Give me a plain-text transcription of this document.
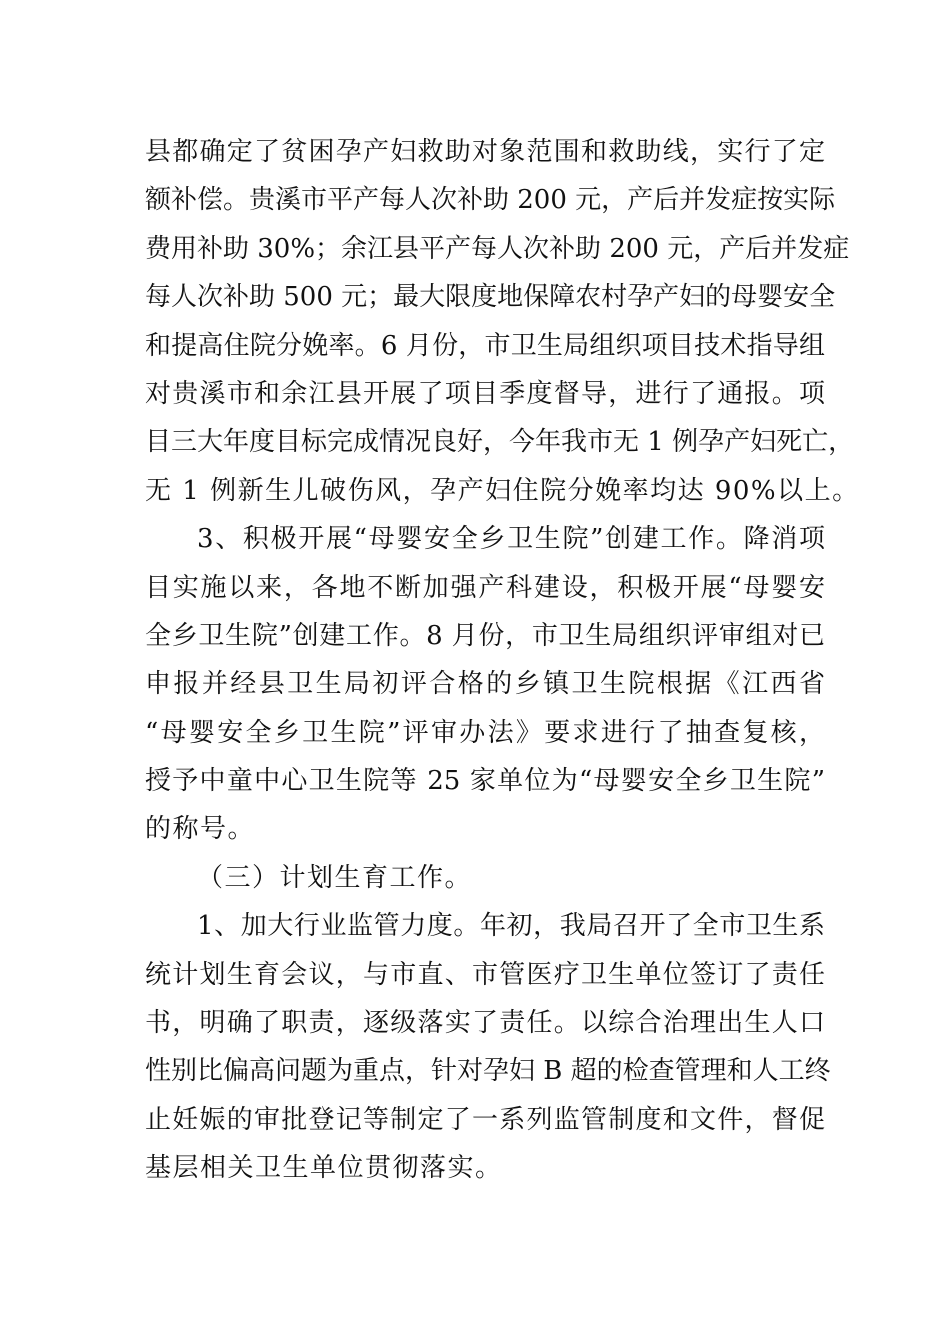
县都确定了贫困孕产妇救助对象范围和救助线，实行了定
额补偿。贵溪市平产每人次补助 200 元，产后并发症按实际
费用补助 30%；余江县平产每人次补助 200 元，产后并发症
每人次补助 500 元；最大限度地保障农村孕产妇的母婴安全
和提高住院分娩率。6 月份，市卫生局组织项目技术指导组
对贵溪市和余江县开展了项目季度督导，进行了通报。项
目三大年度目标完成情况良好，今年我市无 1 例孕产妇死亡，
无 1 例新生儿破伤风，孕产妇住院分娩率均达 90%以上。
3、积极开展“母婴安全乡卫生院”创建工作。降消项
目实施以来，各地不断加强产科建设，积极开展“母婴安
全乡卫生院”创建工作。8 月份，市卫生局组织评审组对已
申报并经县卫生局初评合格的乡镇卫生院根据《江西省
“母婴安全乡卫生院”评审办法》要求进行了抽查复核，
授予中童中心卫生院等 25 家单位为“母婴安全乡卫生院”
的称号。
（三）计划生育工作。
1、加大行业监管力度。年初，我局召开了全市卫生系
统计划生育会议，与市直、市管医疗卫生单位签订了责任
书，明确了职责，逐级落实了责任。以综合治理出生人口
性别比偏高问题为重点，针对孕妇 B 超的检查管理和人工终
止妊娠的审批登记等制定了一系列监管制度和文件，督促
基层相关卫生单位贯彻落实。
